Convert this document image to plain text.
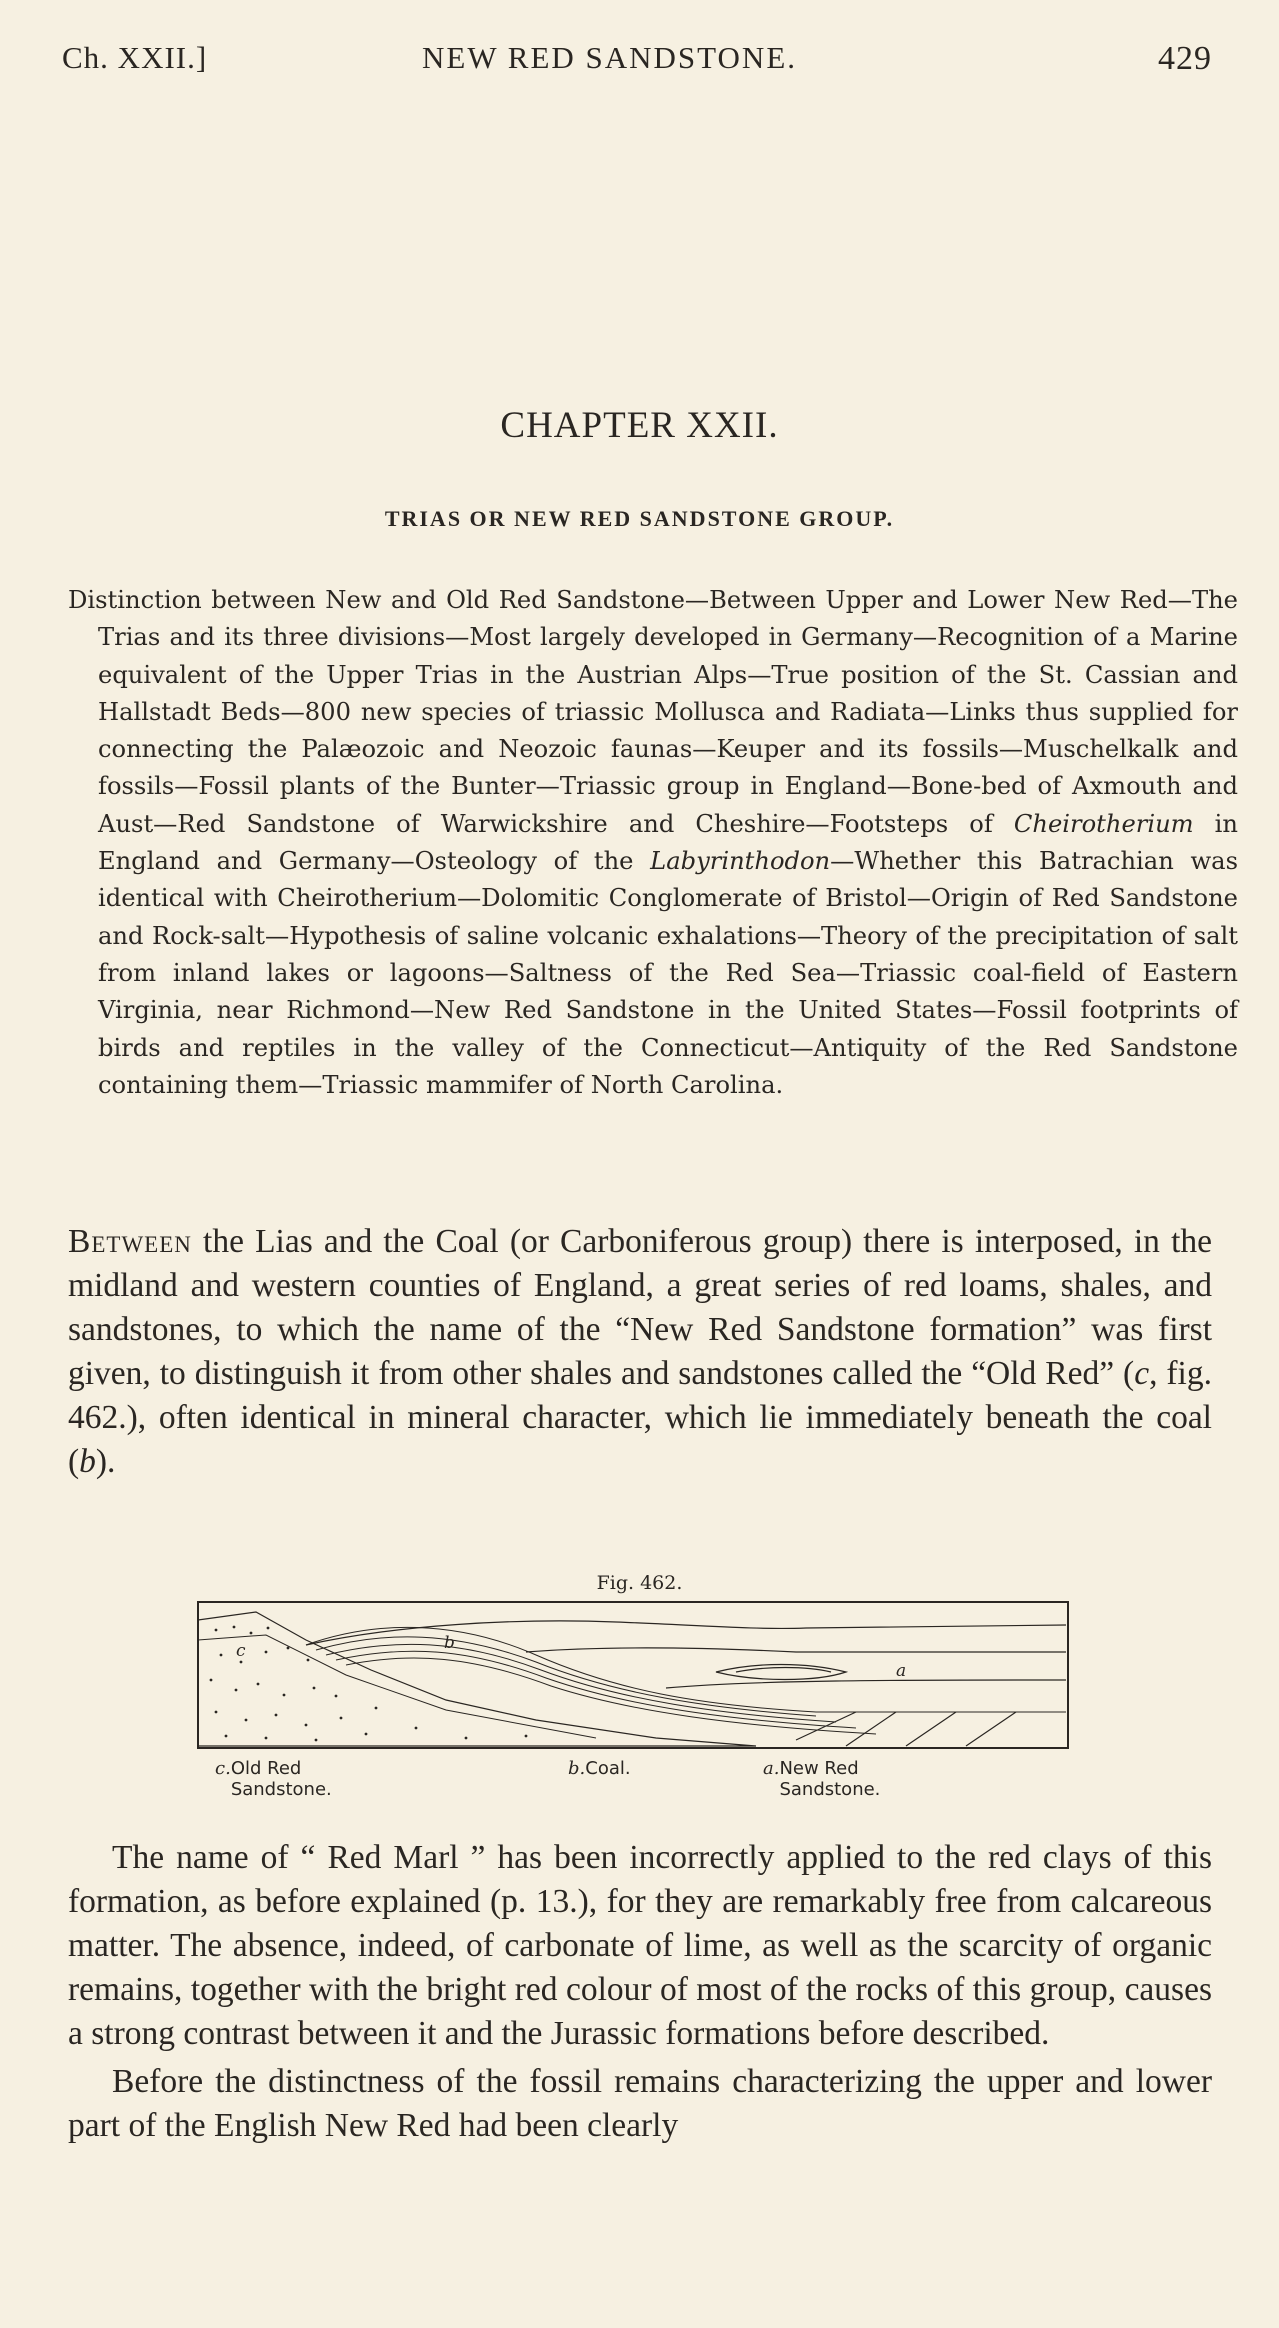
Ch. XXII.]	NEW RED SANDSTONE.	429
CHAPTER XXII.
TRIAS OR NEW RED SANDSTONE GROUP.
Distinction between New and Old Red Sandstone—Between Upper and Lower New Red—The Trias and its three divisions—Most largely developed in Germany—Recognition of a Marine equivalent of the Upper Trias in the Austrian Alps—True position of the St. Cassian and Hallstadt Beds—800 new species of triassic Mollusca and Radiata—Links thus supplied for connecting the Palæozoic and Neozoic faunas—Keuper and its fossils—Muschelkalk and fossils—Fossil plants of the Bunter—Triassic group in England—Bone-bed of Axmouth and Aust—Red Sandstone of Warwickshire and Cheshire—Footsteps of Cheirotherium in England and Germany—Osteology of the Labyrinthodon—Whether this Batrachian was identical with Cheirotherium—Dolomitic Conglomerate of Bristol—Origin of Red Sandstone and Rock-salt—Hypothesis of saline volcanic exhalations—Theory of the precipitation of salt from inland lakes or lagoons—Saltness of the Red Sea—Triassic coal-field of Eastern Virginia, near Richmond—New Red Sandstone in the United States—Fossil footprints of birds and reptiles in the valley of the Connecticut—Antiquity of the Red Sandstone containing them—Triassic mammifer of North Carolina.
Between the Lias and the Coal (or Carboniferous group) there is interposed, in the midland and western counties of England, a great series of red loams, shales, and sandstones, to which the name of the “New Red Sandstone formation” was first given, to distinguish it from other shales and sandstones called the “Old Red” (c, fig. 462.), often identical in mineral character, which lie immediately beneath the coal (b).
Fig. 462.
c	b
a
c. Old Red Sandstone.
b. Coal.	a. New Red Sandstone.
The name of “ Red Marl ” has been incorrectly applied to the red clays of this formation, as before explained (p. 13.), for they are remarkably free from calcareous matter. The absence, indeed, of carbonate of lime, as well as the scarcity of organic remains, together with the bright red colour of most of the rocks of this group, causes a strong contrast between it and the Jurassic formations before described.
Before the distinctness of the fossil remains characterizing the upper and lower part of the English New Red had been clearly
